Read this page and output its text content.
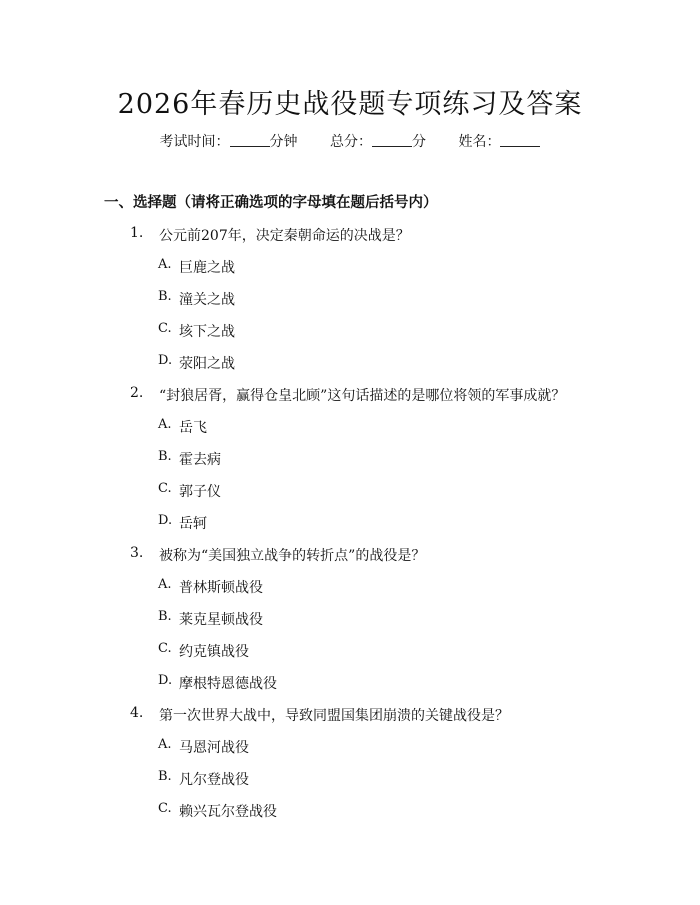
2026年春历史战役题专项练习及答案
考试时间：	分钟 总分：	分 姓名：
一、选择题（请将正确选项的字母填在题后括号内）
1. 公元前207年，决定秦朝命运的决战是？
A. 巨鹿之战
B. 潼关之战
C. 垓下之战
D. 荥阳之战
2. “封狼居胥，赢得仓皇北顾”这句话描述的是哪位将领的军事成就？
A. 岳飞
B. 霍去病
C. 郭子仪
D. 岳轲
3. 被称为“美国独立战争的转折点”的战役是？
A. 普林斯顿战役
B. 莱克星顿战役
C. 约克镇战役
D. 摩根特恩德战役
4. 第一次世界大战中，导致同盟国集团崩溃的关键战役是？
A. 马恩河战役
B. 凡尔登战役
C. 赖兴瓦尔登战役
